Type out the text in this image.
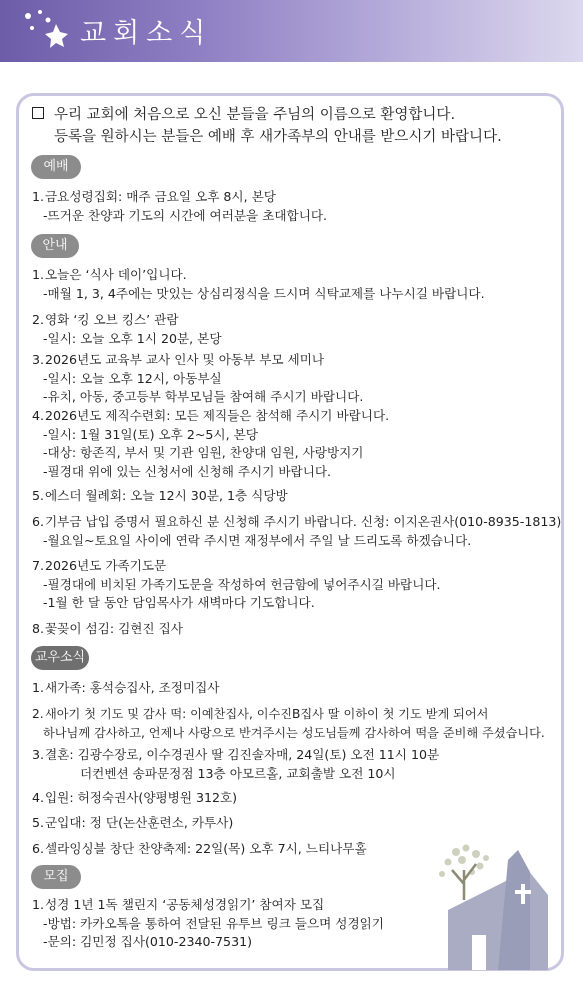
교회소식
우리 교회에 처음으로 오신 분들을 주님의 이름으로 환영합니다.
등록을 원하시는 분들은 예배 후 새가족부의 안내를 받으시기 바랍니다.
예배
1.금요성령집회: 매주 금요일 오후 8시, 본당
-뜨거운 찬양과 기도의 시간에 여러분을 초대합니다.
안내
1.오늘은 ‘식사 데이’입니다.
-매월 1, 3, 4주에는 맛있는 상심리정식을 드시며 식탁교제를 나누시길 바랍니다.
2.영화 ‘킹 오브 킹스’ 관람
-일시: 오늘 오후 1시 20분, 본당
3.2026년도 교육부 교사 인사 및 아동부 부모 세미나
-일시: 오늘 오후 12시, 아동부실
-유치, 아동, 중고등부 학부모님들 참여해 주시기 바랍니다.
4.2026년도 제직수련회: 모든 제직들은 참석해 주시기 바랍니다.
-일시: 1월 31일(토) 오후 2~5시, 본당
-대상: 항존직, 부서 및 기관 임원, 찬양대 임원, 사랑방지기
-필경대 위에 있는 신청서에 신청해 주시기 바랍니다.
5.에스더 월례회: 오늘 12시 30분, 1층 식당방
6.기부금 납입 증명서 필요하신 분 신청해 주시기 바랍니다. 신청: 이지온권사(010-8935-1813)
-월요일~토요일 사이에 연락 주시면 재정부에서 주일 날 드리도록 하겠습니다.
7.2026년도 가족기도문
-필경대에 비치된 가족기도문을 작성하여 헌금함에 넣어주시길 바랍니다.
-1월 한 달 동안 담임목사가 새벽마다 기도합니다.
8.꽃꽂이 섬김: 김현진 집사
교우소식
1.새가족: 홍석승집사, 조정미집사
2.새아기 첫 기도 및 감사 떡: 이예찬집사, 이수진B집사 딸 이하이 첫 기도 받게 되어서
하나님께 감사하고, 언제나 사랑으로 반겨주시는 성도님들께 감사하여 떡을 준비해 주셨습니다.
3.결혼: 김광수장로, 이수경권사 딸 김진솔자매, 24일(토) 오전 11시 10분
더컨벤션 송파문정점 13층 아모르홀, 교회출발 오전 10시
4.입원: 허정숙권사(양평병원 312호)
5.군입대: 정 단(논산훈련소, 카투사)
6.셀라잉싱블 창단 찬양축제: 22일(목) 오후 7시, 느티나무홀
모집
1.성경 1년 1독 챌린지 ‘공동체성경읽기’ 참여자 모집
-방법: 카카오톡을 통하여 전달된 유투브 링크 들으며 성경읽기
-문의: 김민정 집사(010-2340-7531)
